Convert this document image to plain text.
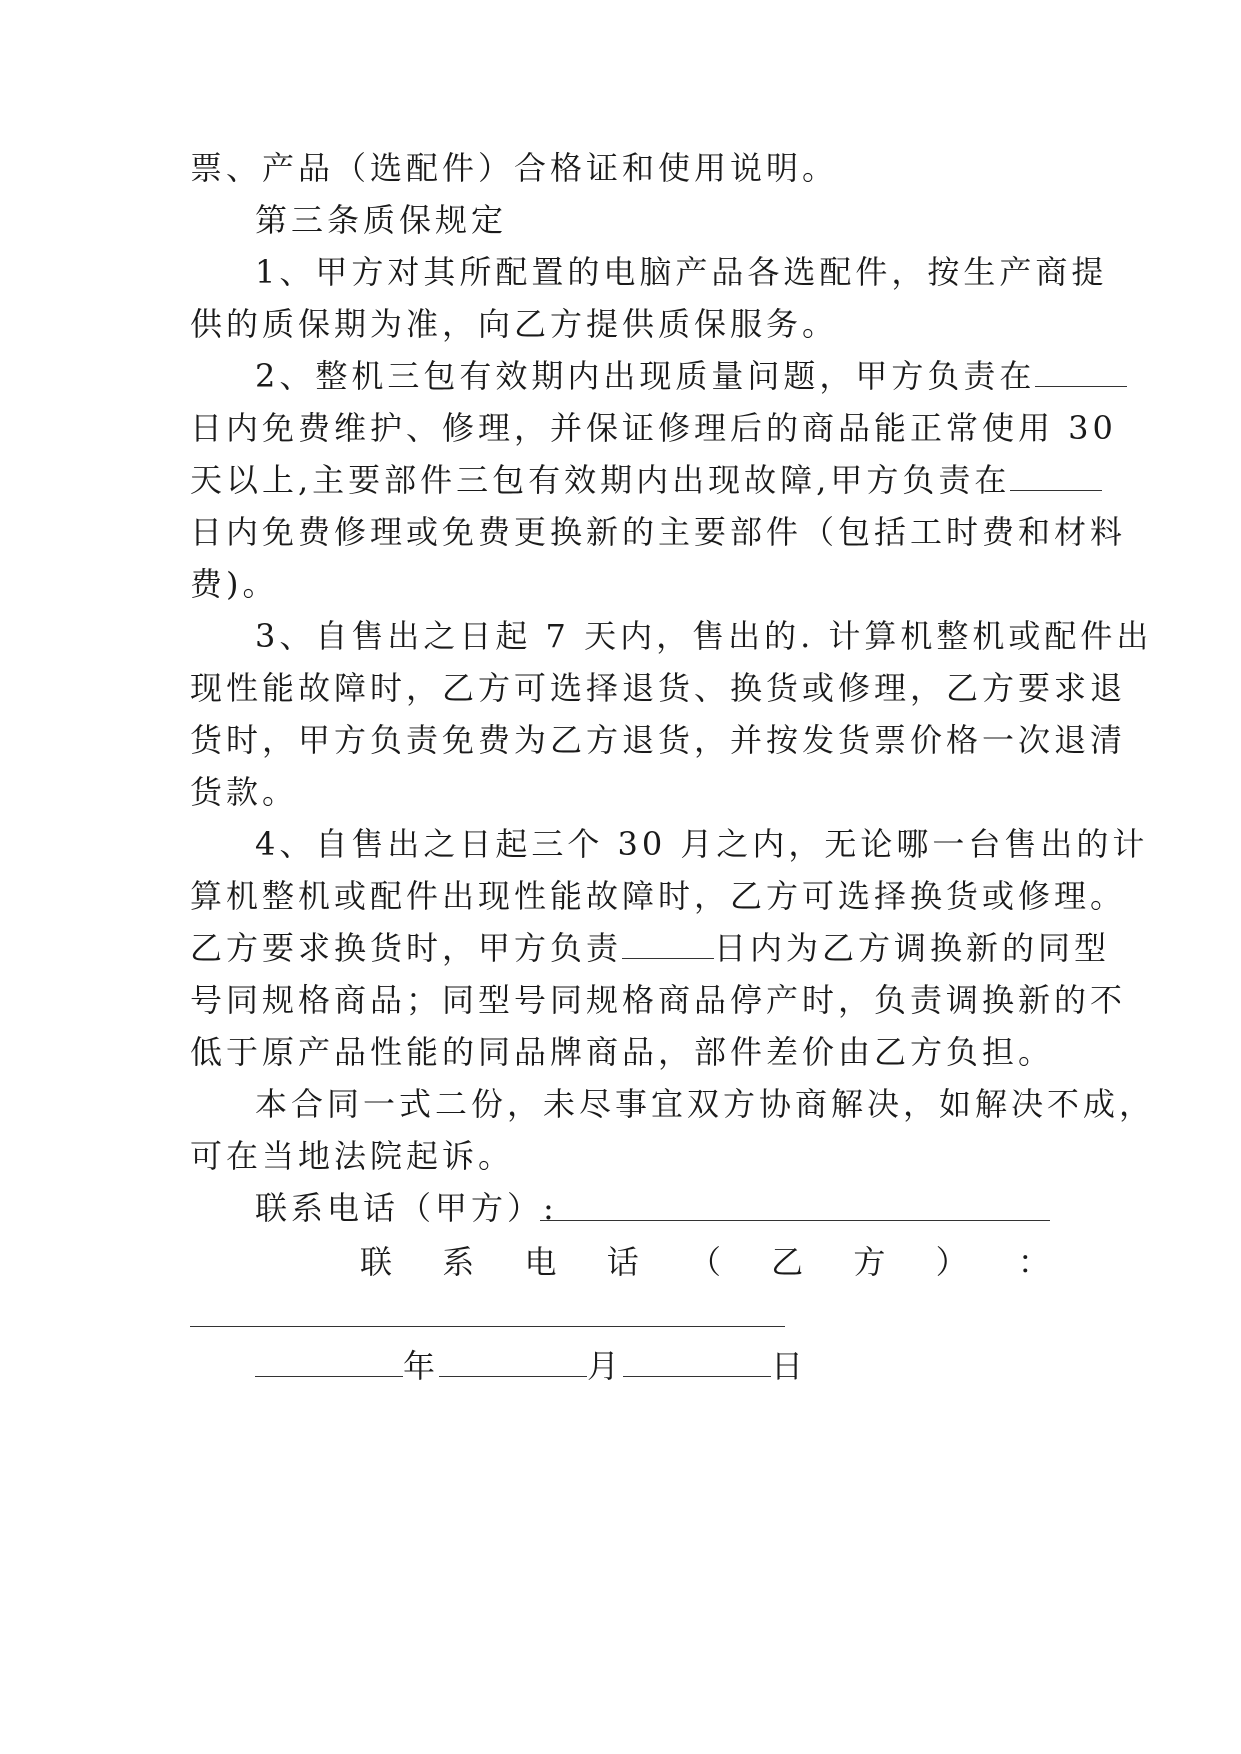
票、产品（选配件）合格证和使用说明。
第三条质保规定
1、甲方对其所配置的电脑产品各选配件，按生产商提
供的质保期为准，向乙方提供质保服务。
2、整机三包有效期内出现质量问题，甲方负责在
日内免费维护、修理，并保证修理后的商品能正常使用 30
天以上,主要部件三包有效期内出现故障,甲方负责在
日内免费修理或免费更换新的主要部件（包括工时费和材料
费)。
3、自售出之日起 7 天内，售出的. 计算机整机或配件出
现性能故障时，乙方可选择退货、换货或修理，乙方要求退
货时，甲方负责免费为乙方退货，并按发货票价格一次退清
货款。
4、自售出之日起三个 30 月之内，无论哪一台售出的计
算机整机或配件出现性能故障时，乙方可选择换货或修理。
乙方要求换货时，甲方负责	日内为乙方调换新的同型
号同规格商品；同型号同规格商品停产时，负责调换新的不
低于原产品性能的同品牌商品，部件差价由乙方负担。
本合同一式二份，未尽事宜双方协商解决，如解决不成，
可在当地法院起诉。
联系电话（甲方）:
联 系 电 话 （ 乙 方 ） ：
年	月	日
